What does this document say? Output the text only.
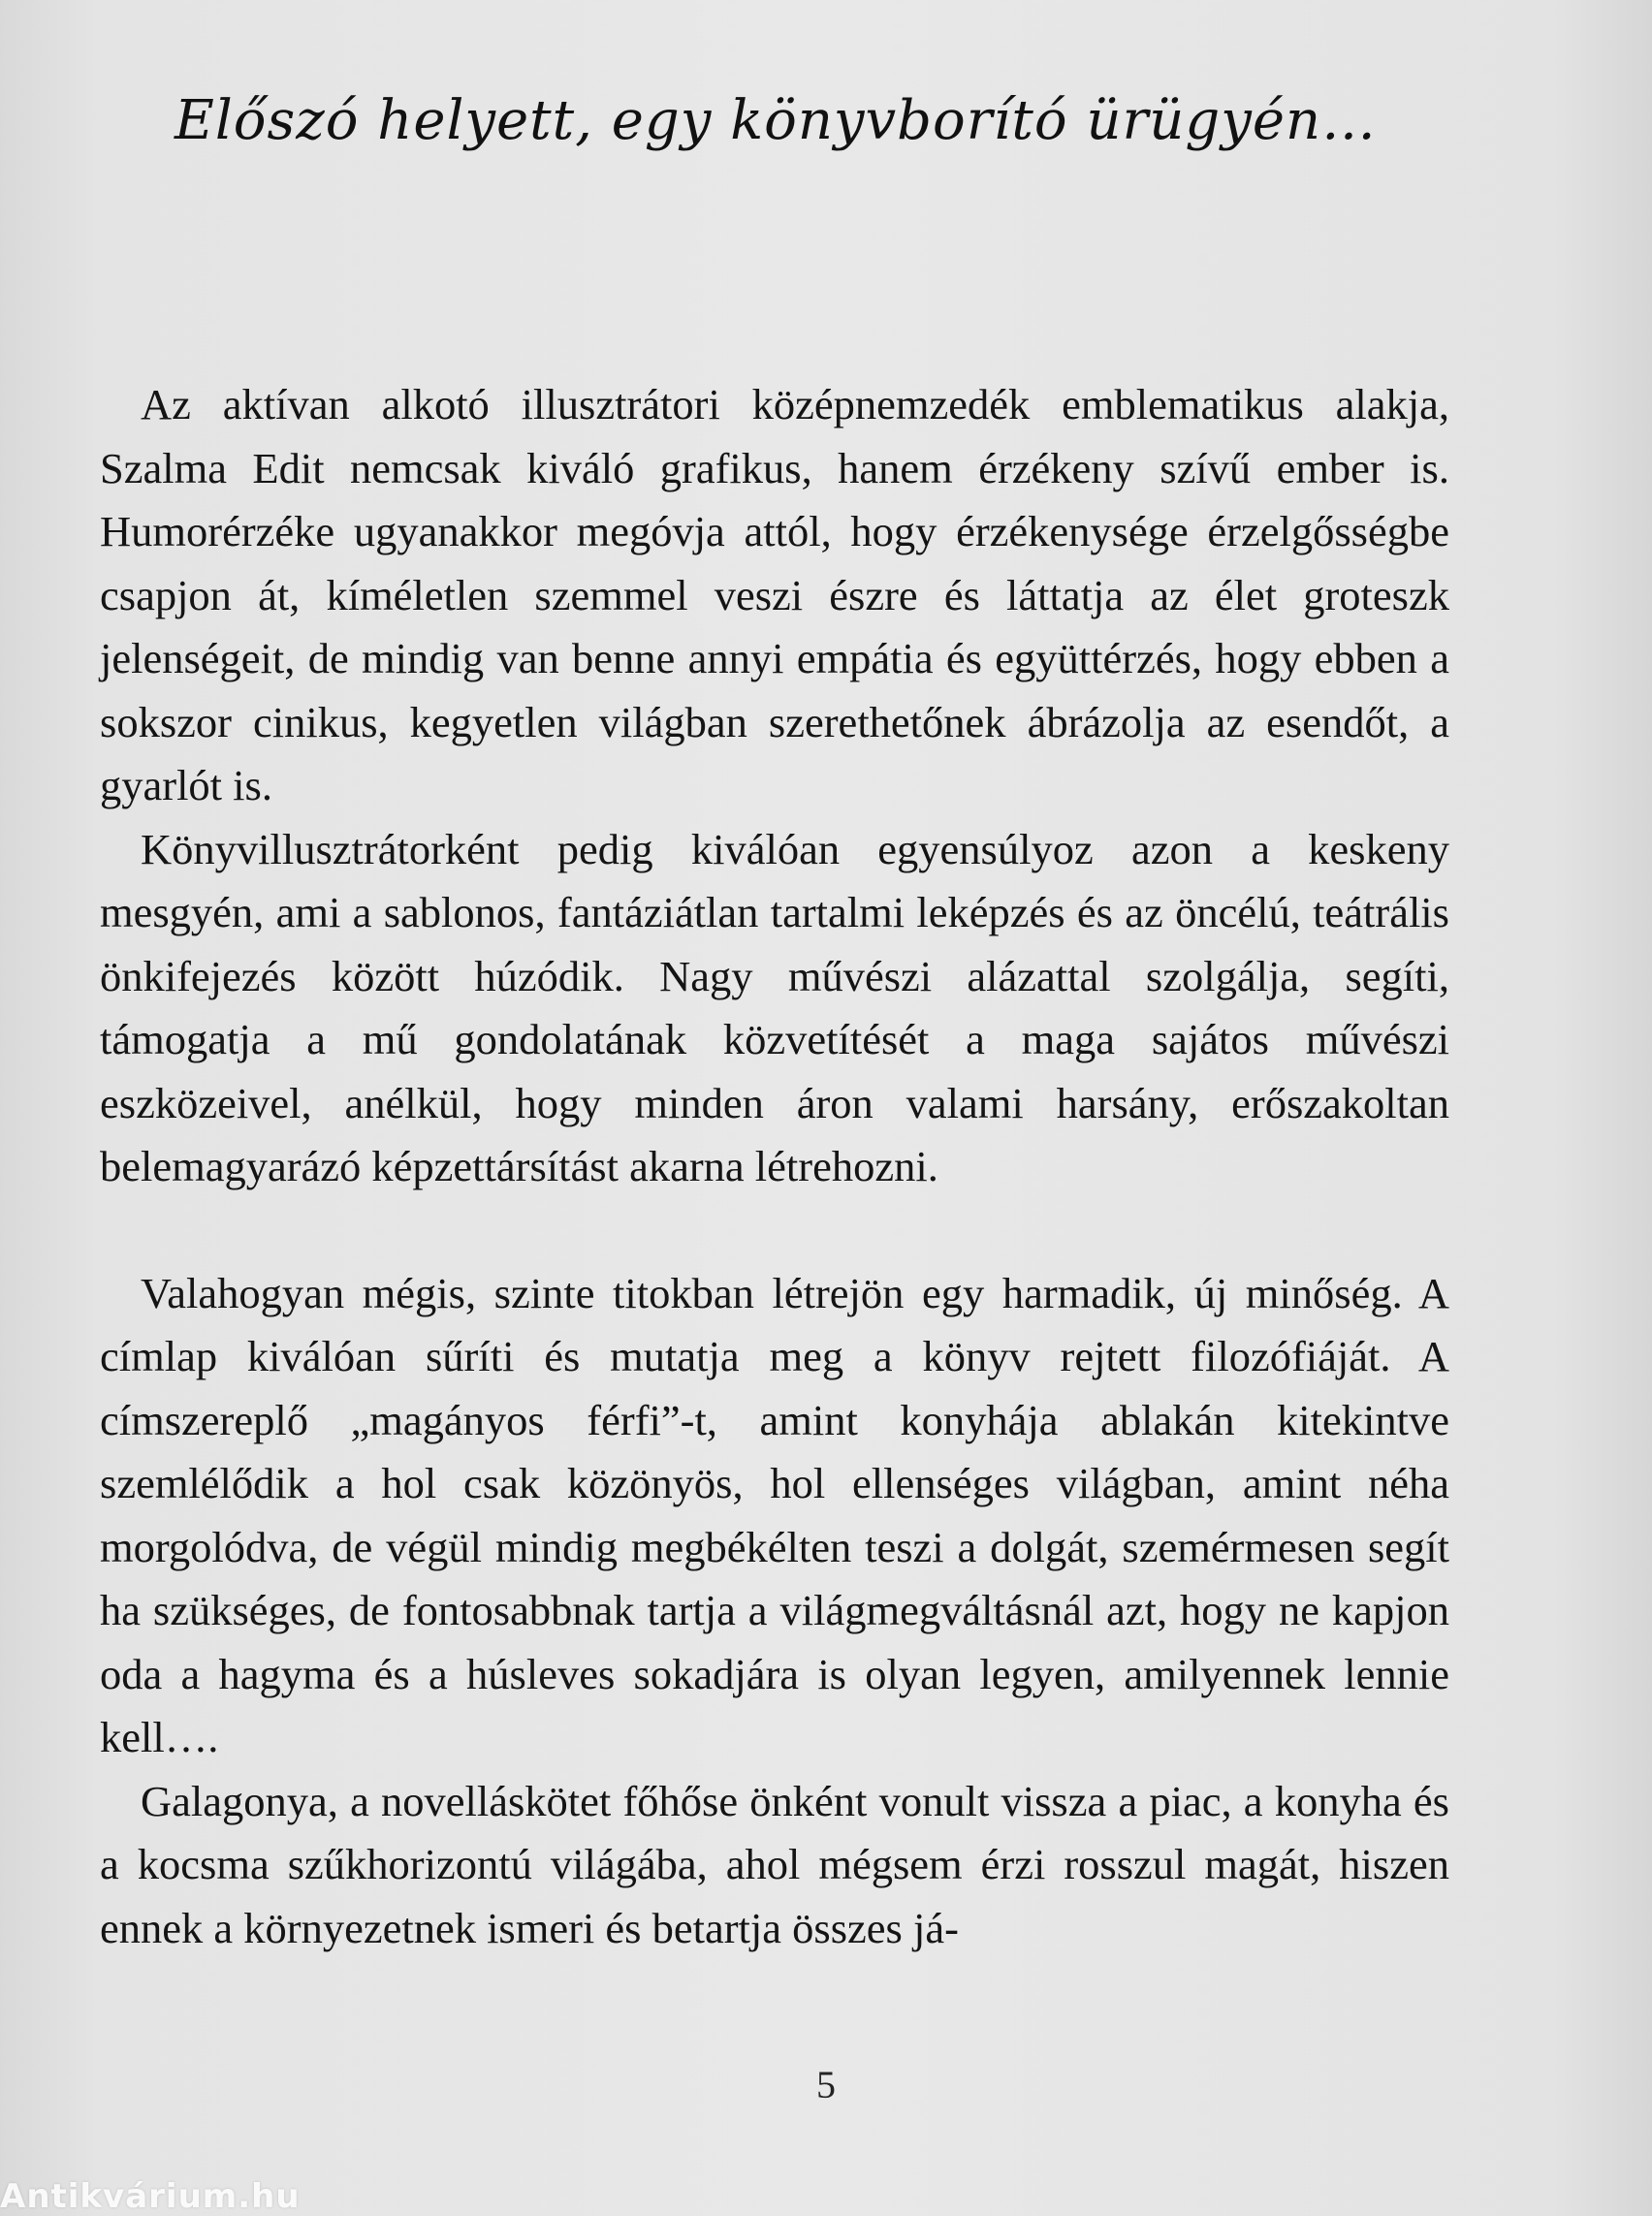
Előszó helyett, egy könyvborító ürügyén…

Az aktívan alkotó illusztrátori középnemzedék emblematikus alakja, Szalma Edit nemcsak kiváló grafikus, hanem érzékeny szívű ember is. Humorérzéke ugyanakkor megóvja attól, hogy érzékenysége érzelgősségbe csapjon át, kíméletlen szemmel veszi észre és láttatja az élet groteszk jelenségeit, de mindig van benne annyi empátia és együttérzés, hogy ebben a sokszor cinikus, kegyetlen világban szerethetőnek ábrázolja az esendőt, a gyarlót is.

Könyvillusztrátorként pedig kiválóan egyensúlyoz azon a keskeny mesgyén, ami a sablonos, fantáziátlan tartalmi leképzés és az öncélú, teátrális önkifejezés között húzódik. Nagy művészi alázattal szolgálja, segíti, támogatja a mű gondolatának közvetítését a maga sajátos művészi eszközeivel, anélkül, hogy minden áron valami harsány, erőszakoltan belemagyarázó képzettársítást akarna létrehozni.

Valahogyan mégis, szinte titokban létrejön egy harmadik, új minőség. A címlap kiválóan sűríti és mutatja meg a könyv rejtett filozófiáját. A címszereplő „magányos férfi”-t, amint konyhája ablakán kitekintve szemlélődik a hol csak közönyös, hol ellenséges világban, amint néha morgolódva, de végül mindig megbékélten teszi a dolgát, szemérmesen segít ha szükséges, de fontosabbnak tartja a világmegváltásnál azt, hogy ne kapjon oda a hagyma és a húsleves sokadjára is olyan legyen, amilyennek lennie kell….

Galagonya, a novelláskötet főhőse önként vonult vissza a piac, a konyha és a kocsma szűkhorizontú világába, ahol mégsem érzi rosszul magát, hiszen ennek a környezetnek ismeri és betartja összes já-

5
Antikvárium.hu
